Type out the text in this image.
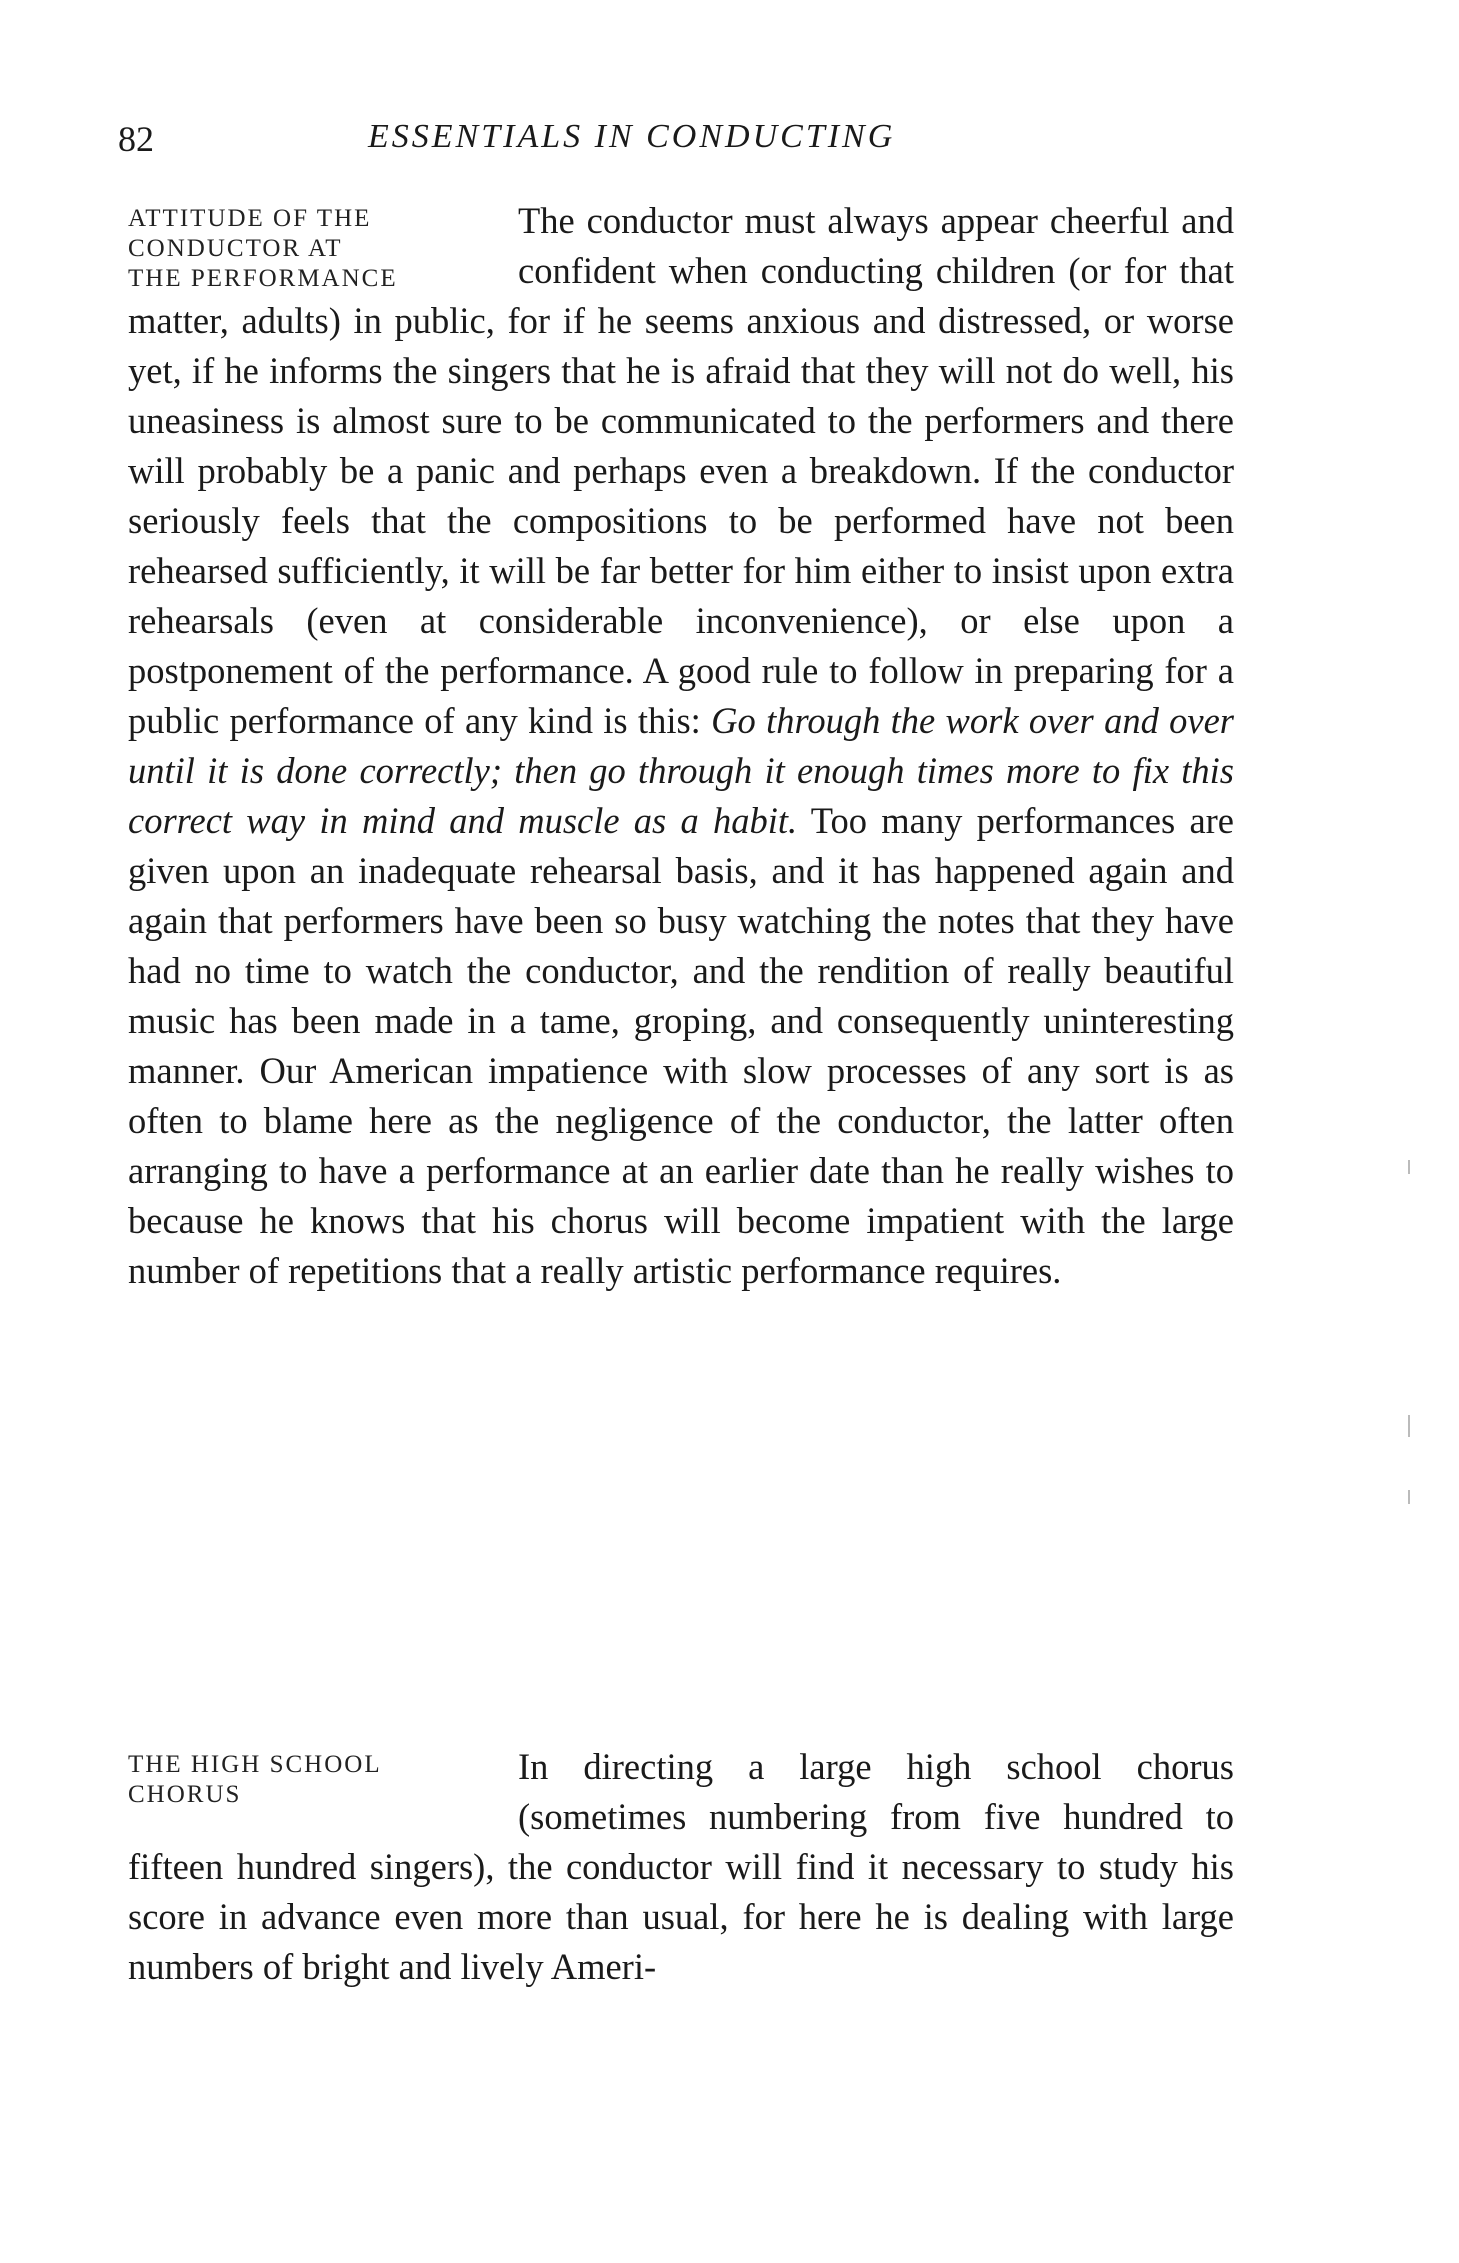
82	ESSENTIALS IN CONDUCTING
ATTITUDE OF THE
CONDUCTOR AT
THE PERFORMANCE

The conductor must always appear cheerful and confident when conducting children (or for that matter, adults) in public, for if he seems anxious and distressed, or worse yet, if he informs the singers that he is afraid that they will not do well, his uneasiness is almost sure to be communicated to the performers and there will probably be a panic and perhaps even a breakdown. If the conductor seriously feels that the compositions to be performed have not been rehearsed sufficiently, it will be far better for him either to insist upon extra rehearsals (even at considerable inconvenience), or else upon a postponement of the performance. A good rule to follow in preparing for a public performance of any kind is this: Go through the work over and over until it is done correctly; then go through it enough times more to fix this correct way in mind and muscle as a habit. Too many performances are given upon an inadequate rehearsal basis, and it has happened again and again that performers have been so busy watching the notes that they have had no time to watch the conductor, and the rendition of really beautiful music has been made in a tame, groping, and consequently uninteresting manner. Our American impatience with slow processes of any sort is as often to blame here as the negligence of the conductor, the latter often arranging to have a performance at an earlier date than he really wishes to because he knows that his chorus will become impatient with the large number of repetitions that a really artistic performance requires.

THE HIGH SCHOOL
CHORUS

In directing a large high school chorus (sometimes numbering from five hundred to fifteen hundred singers), the conductor will find it necessary to study his score in advance even more than usual, for here he is dealing with large numbers of bright and lively Ameri-
